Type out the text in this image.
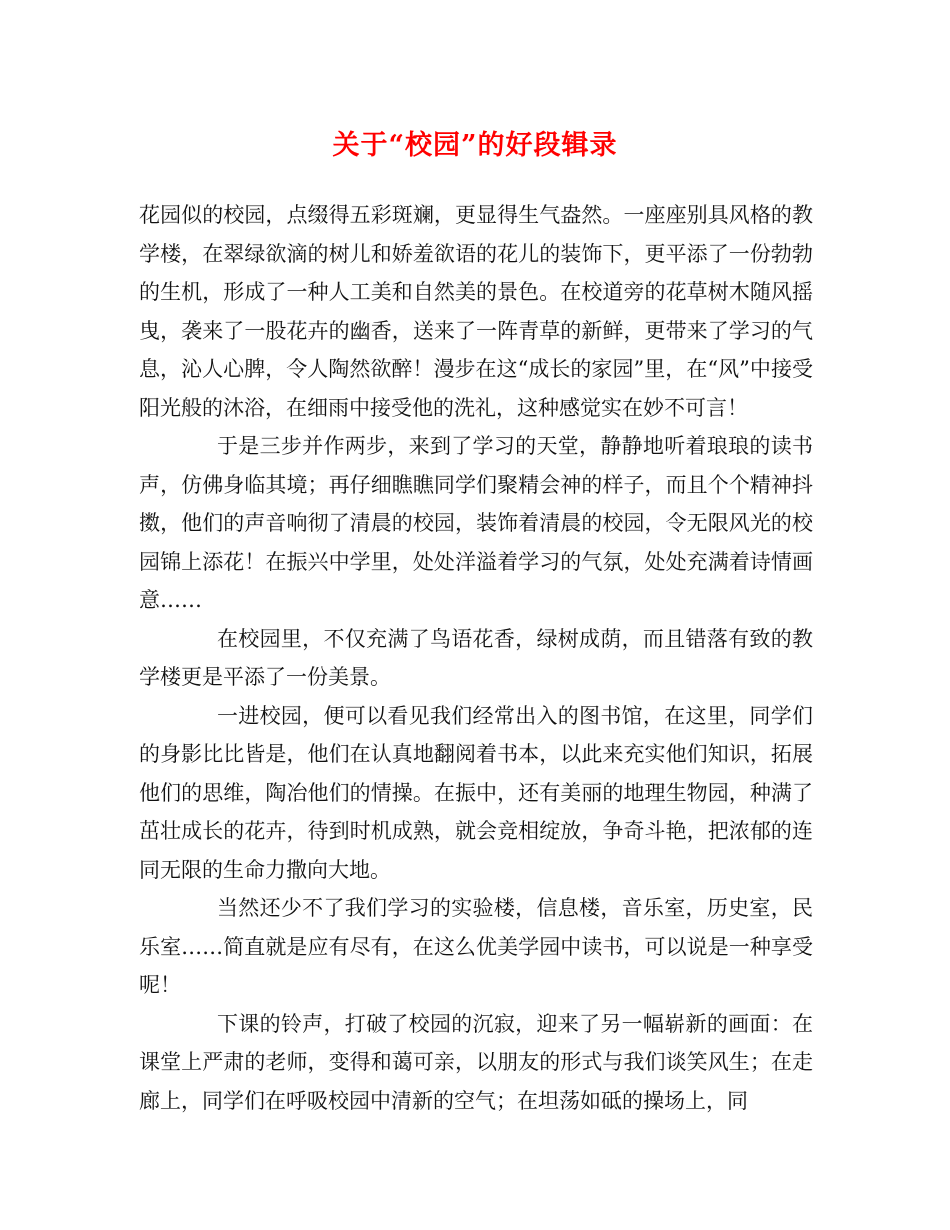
关于“校园”的好段辑录

花园似的校园，点缀得五彩斑斓，更显得生气盎然。一座座别具风格的教学楼，在翠绿欲滴的树儿和娇羞欲语的花儿的装饰下，更平添了一份勃勃的生机，形成了一种人工美和自然美的景色。在校道旁的花草树木随风摇曳，袭来了一股花卉的幽香，送来了一阵青草的新鲜，更带来了学习的气息，沁人心脾，令人陶然欲醉！漫步在这“成长的家园”里，在“风”中接受阳光般的沐浴，在细雨中接受他的洗礼，这种感觉实在妙不可言！

于是三步并作两步，来到了学习的天堂，静静地听着琅琅的读书声，仿佛身临其境；再仔细瞧瞧同学们聚精会神的样子，而且个个精神抖擞，他们的声音响彻了清晨的校园，装饰着清晨的校园，令无限风光的校园锦上添花！在振兴中学里，处处洋溢着学习的气氛，处处充满着诗情画意……

在校园里，不仅充满了鸟语花香，绿树成荫，而且错落有致的教学楼更是平添了一份美景。

一进校园，便可以看见我们经常出入的图书馆，在这里，同学们的身影比比皆是，他们在认真地翻阅着书本，以此来充实他们知识，拓展他们的思维，陶冶他们的情操。在振中，还有美丽的地理生物园，种满了茁壮成长的花卉，待到时机成熟，就会竞相绽放，争奇斗艳，把浓郁的连同无限的生命力撒向大地。

当然还少不了我们学习的实验楼，信息楼，音乐室，历史室，民乐室……简直就是应有尽有，在这么优美学园中读书，可以说是一种享受呢！

下课的铃声，打破了校园的沉寂，迎来了另一幅崭新的画面：在课堂上严肃的老师，变得和蔼可亲，以朋友的形式与我们谈笑风生；在走廊上，同学们在呼吸校园中清新的空气；在坦荡如砥的操场上，同
